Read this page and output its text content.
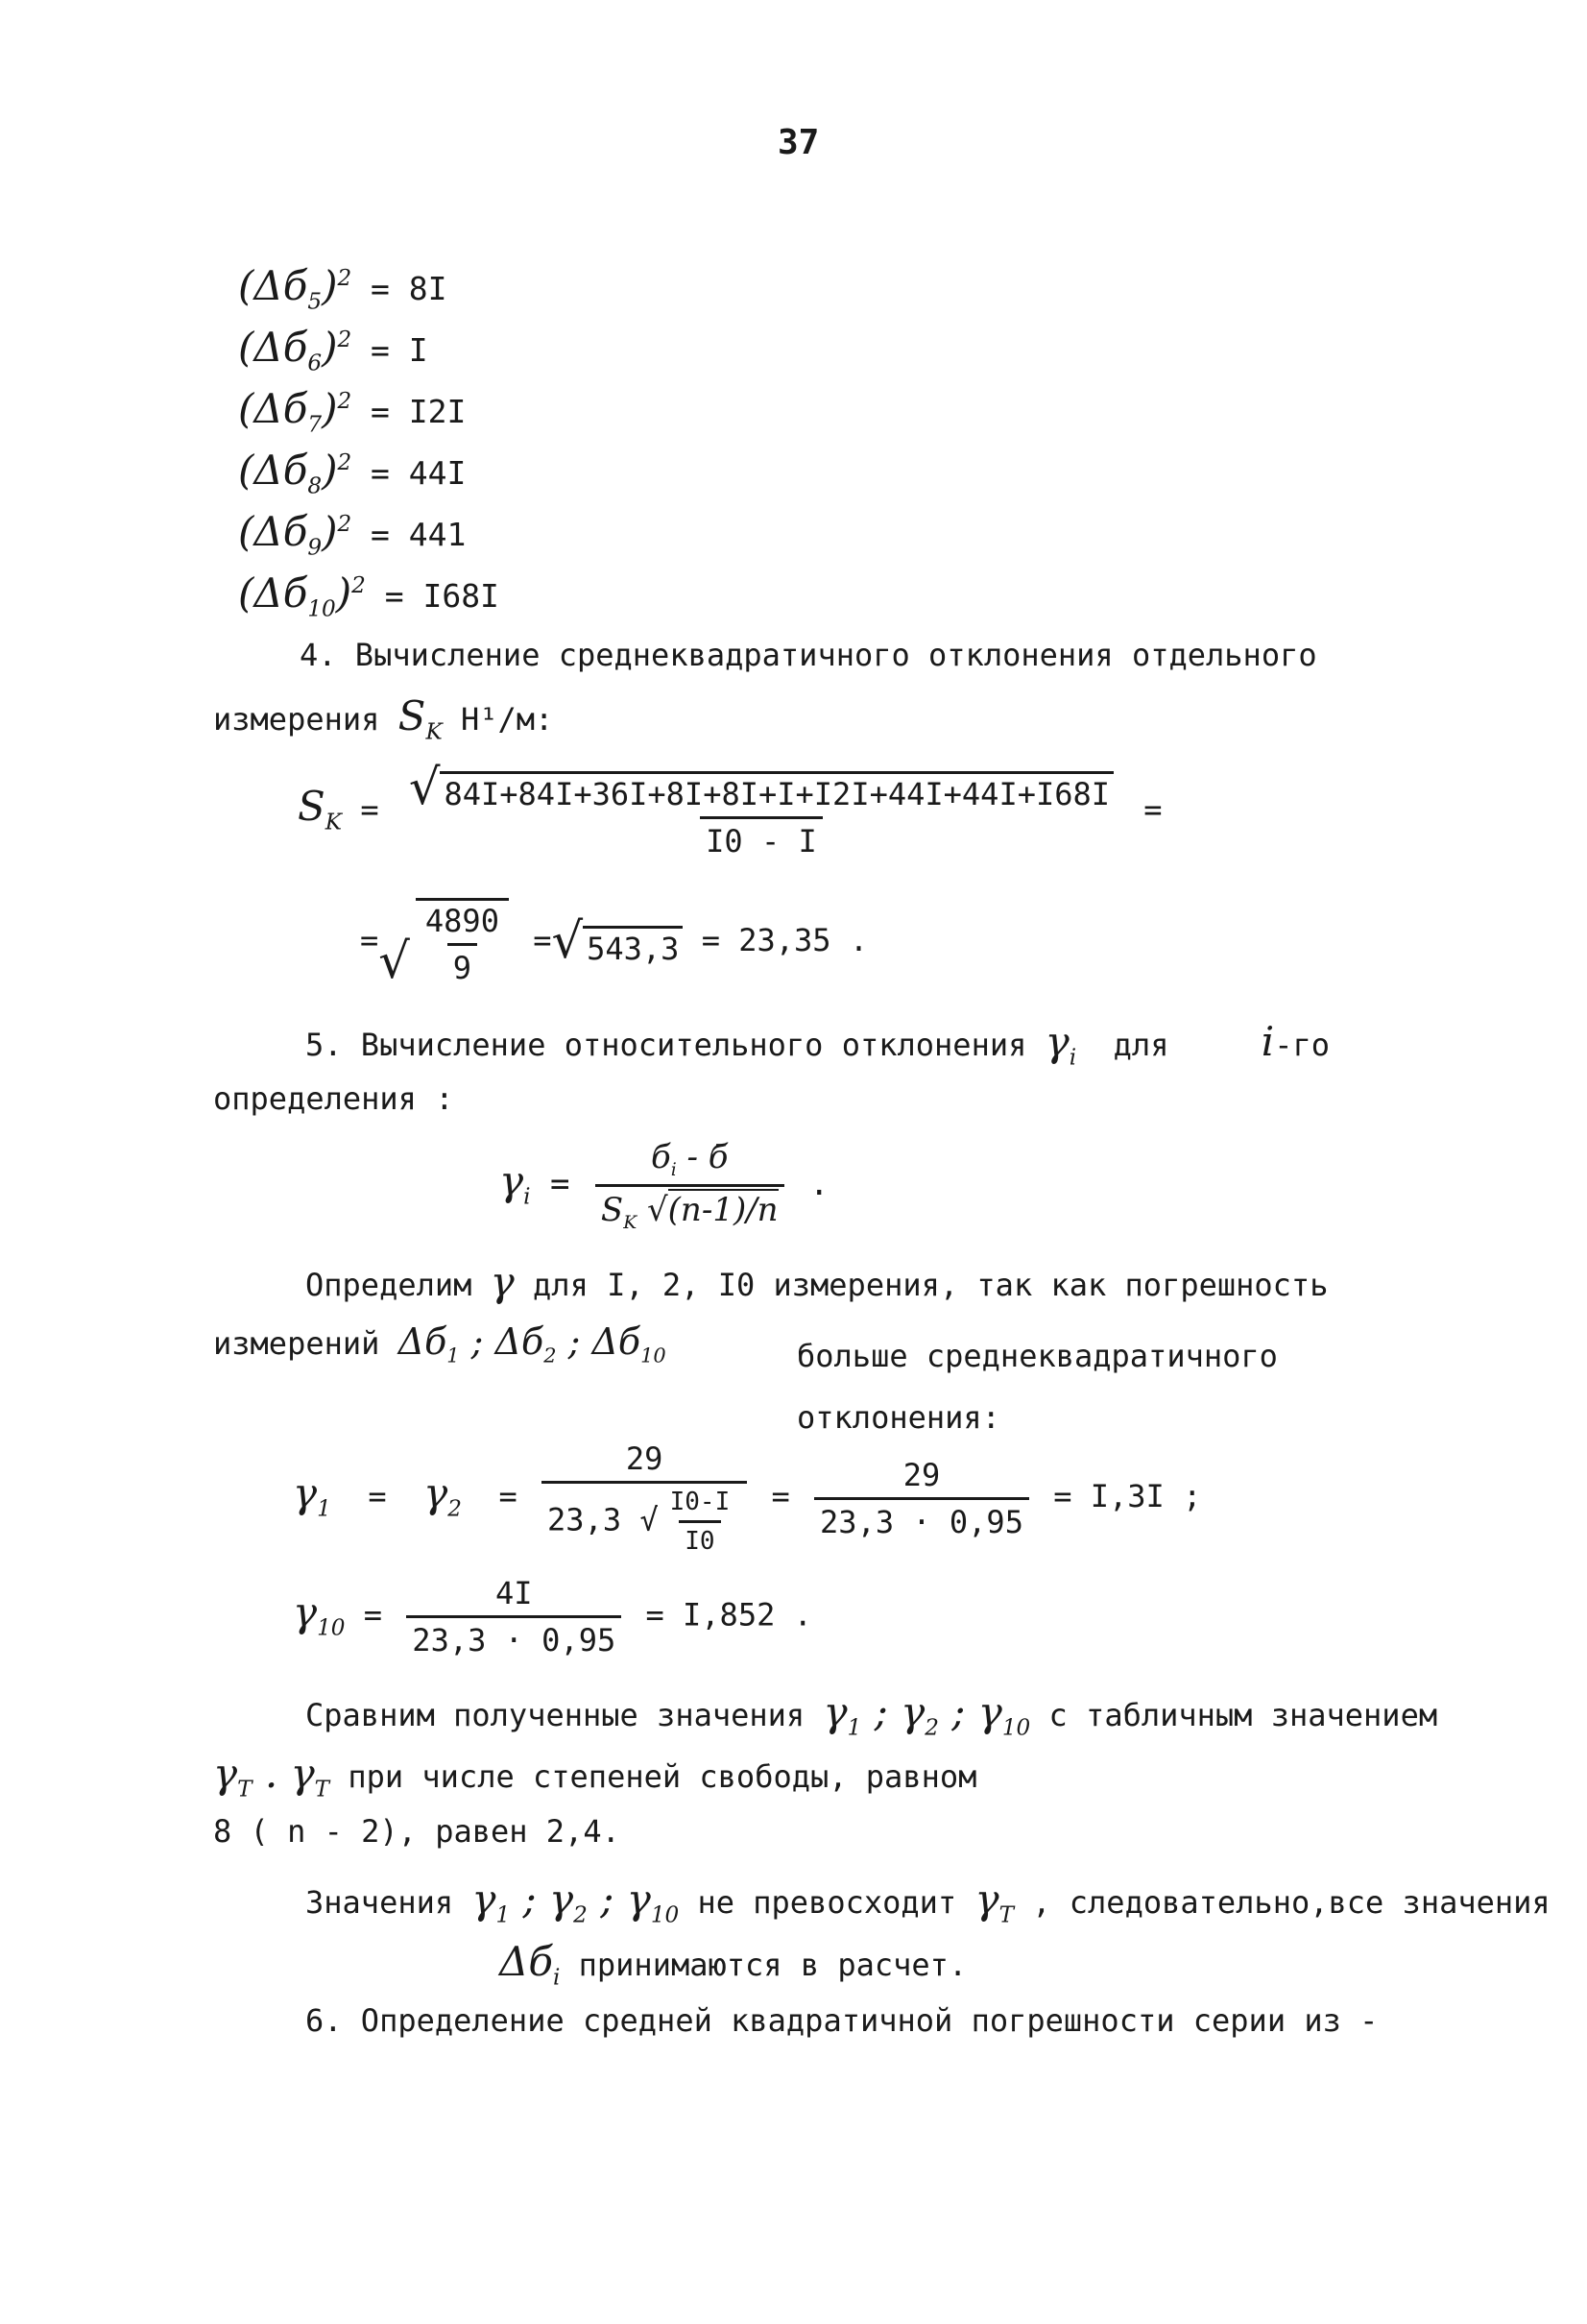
37
$(\Delta б_5)^2 = 8I$
$(\Delta б_6)^2 = I$
$(\Delta б_7)^2 = I2I$
$(\Delta б_8)^2 = 44I$
$(\Delta б_9)^2 = 441$
$(\Delta б_{10})^2 = I68I$
4. Вычисление среднеквадратичного отклонения отдельного измерения $S_K$ Н¹/м:
$S_K = \frac{√ 84I+84I+36I+8I+8I+I+I2I+44I+44I+I68I}{I0 - I}$ =
= √ $\frac{4890}{9}$ = √ 543,3 = 23,35 .
5. Вычисление относительного отклонения $\gamma_i$ для i-го
определения :
$\gamma_i = \frac{б_i - б̄}{S_K √(n-1)/n}$ .
Определим γ для I, 2, I0 измерения, так как погрешность
измерений $\Delta б_1$ ; $\Delta б_2$ ; $\Delta б_{10}$	больше среднеквадратичного отклонения:
$\gamma_1 = \gamma_2 = \frac{29}{23,3 √ \frac{I0-I}{I0}} = \frac{29}{23,3 \cdot 0,95} = I,3I$ ;
$\gamma_{10} = \frac{4I}{23,3 \cdot 0,95} = I,852$ .
Сравним полученные значения $\gamma_1$ ; $\gamma_2$ ; $\gamma_{10}$ с табличным значением
$\gamma_T$ . $\gamma_T$ при числе степеней свободы, равном
8 ( n - 2), равен 2,4.
Значения $\gamma_1$ ; $\gamma_2$ ; $\gamma_{10}$ не превосходит $\gamma_T$ , следовательно,все значения
$\Delta б_i$ принимаются в расчет.
6. Определение средней квадратичной погрешности серии из -
